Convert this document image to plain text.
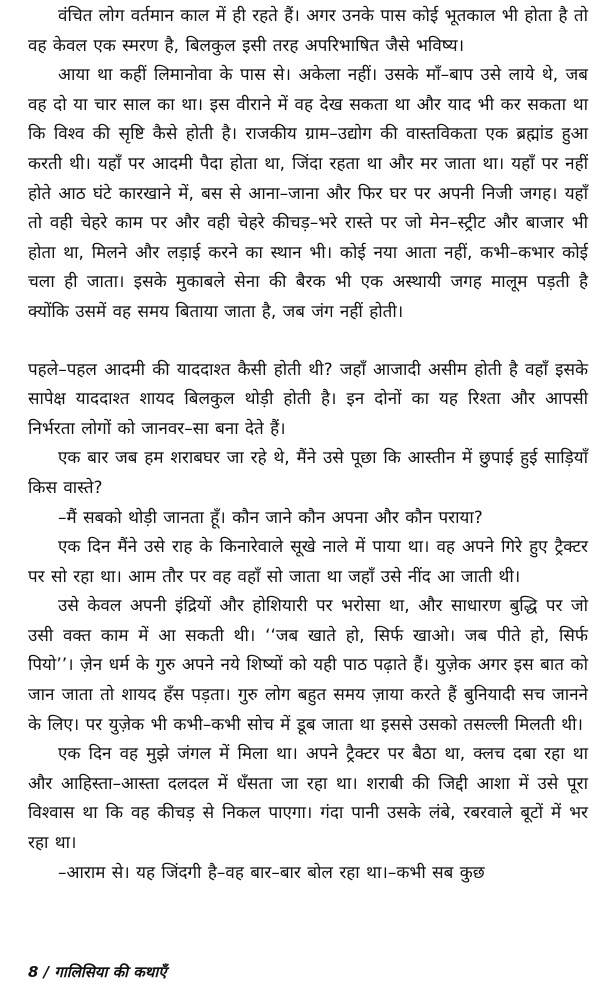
वंचित लोग वर्तमान काल में ही रहते हैं। अगर उनके पास कोई भूतकाल भी होता है तो वह केवल एक स्मरण है, बिलकुल इसी तरह अपरिभाषित जैसे भविष्य।

आया था कहीं लिमानोवा के पास से। अकेला नहीं। उसके माँ–बाप उसे लाये थे, जब वह दो या चार साल का था। इस वीराने में वह देख सकता था और याद भी कर सकता था कि विश्व की सृष्टि कैसे होती है। राजकीय ग्राम–उद्योग की वास्तविकता एक ब्रह्मांड हुआ करती थी। यहाँ पर आदमी पैदा होता था, जिंदा रहता था और मर जाता था। यहाँ पर नहीं होते आठ घंटे कारखाने में, बस से आना–जाना और फिर घर पर अपनी निजी जगह। यहाँ तो वही चेहरे काम पर और वही चेहरे कीचड़–भरे रास्ते पर जो मेन–स्ट्रीट और बाजार भी होता था, मिलने और लड़ाई करने का स्थान भी। कोई नया आता नहीं, कभी–कभार कोई चला ही जाता। इसके मुकाबले सेना की बैरक भी एक अस्थायी जगह मालूम पड़ती है क्योंकि उसमें वह समय बिताया जाता है, जब जंग नहीं होती।

पहले–पहल आदमी की याददाश्त कैसी होती थी? जहाँ आजादी असीम होती है वहाँ इसके सापेक्ष याददाश्त शायद बिलकुल थोड़ी होती है। इन दोनों का यह रिश्ता और आपसी निर्भरता लोगों को जानवर–सा बना देते हैं।

एक बार जब हम शराबघर जा रहे थे, मैंने उसे पूछा कि आस्तीन में छुपाई हुई साड़ियाँ किस वास्ते?

–मैं सबको थोड़ी जानता हूँ। कौन जाने कौन अपना और कौन पराया?

एक दिन मैंने उसे राह के किनारेवाले सूखे नाले में पाया था। वह अपने गिरे हुए ट्रैक्टर पर सो रहा था। आम तौर पर वह वहाँ सो जाता था जहाँ उसे नींद आ जाती थी।

उसे केवल अपनी इंद्रियों और होशियारी पर भरोसा था, और साधारण बुद्धि पर जो उसी वक्त काम में आ सकती थी। ‘‘जब खाते हो, सिर्फ खाओ। जब पीते हो, सिर्फ पियो’’। ज़ेन धर्म के गुरु अपने नये शिष्यों को यही पाठ पढ़ाते हैं। युज़ेक अगर इस बात को जान जाता तो शायद हँस पड़ता। गुरु लोग बहुत समय ज़ाया करते हैं बुनियादी सच जानने के लिए। पर युज़ेक भी कभी–कभी सोच में डूब जाता था इससे उसको तसल्ली मिलती थी।

एक दिन वह मुझे जंगल में मिला था। अपने ट्रैक्टर पर बैठा था, क्लच दबा रहा था और आहिस्ता–आस्ता दलदल में धँसता जा रहा था। शराबी की जिद्दी आशा में उसे पूरा विश्वास था कि वह कीचड़ से निकल पाएगा। गंदा पानी उसके लंबे, रबरवाले बूटों में भर रहा था।

–आराम से। यह जिंदगी है–वह बार–बार बोल रहा था।–कभी सब कुछ

8 / गालिसिया की कथाएँ
